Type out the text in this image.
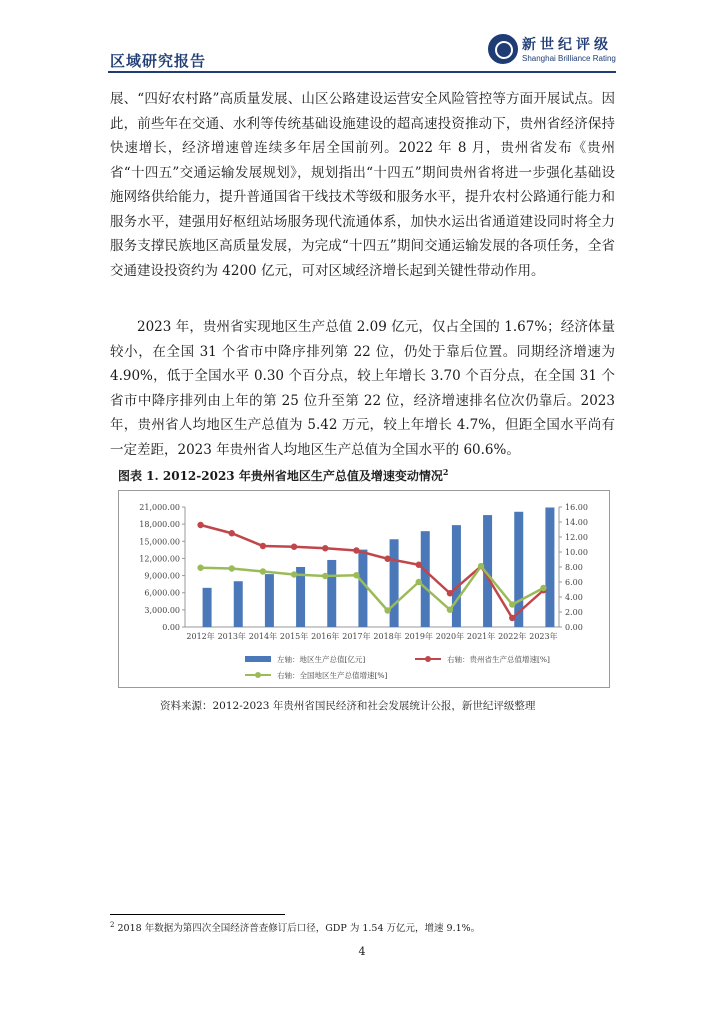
区域研究报告
新世纪评级
Shanghai Brilliance Rating

展、“四好农村路”高质量发展、山区公路建设运营安全风险管控等方面开展试点。因此，前些年在交通、水利等传统基础设施建设的超高速投资推动下，贵州省经济保持快速增长，经济增速曾连续多年居全国前列。2022 年 8 月，贵州省发布《贵州省“十四五”交通运输发展规划》，规划指出“十四五”期间贵州省将进一步强化基础设施网络供给能力，提升普通国省干线技术等级和服务水平，提升农村公路通行能力和服务水平，建强用好枢纽站场服务现代流通体系，加快水运出省通道建设同时将全力服务支撑民族地区高质量发展，为完成“十四五”期间交通运输发展的各项任务，全省交通建设投资约为 4200 亿元，可对区域经济增长起到关键性带动作用。

2023 年，贵州省实现地区生产总值 2.09 亿元，仅占全国的 1.67%；经济体量较小，在全国 31 个省市中降序排列第 22 位，仍处于靠后位置。同期经济增速为 4.90%，低于全国水平 0.30 个百分点，较上年增长 3.70 个百分点，在全国 31 个省市中降序排列由上年的第 25 位升至第 22 位，经济增速排名位次仍靠后。2023 年，贵州省人均地区生产总值为 5.42 万元，较上年增长 4.7%，但距全国水平尚有一定差距，2023 年贵州省人均地区生产总值为全国水平的 60.6%。

图表 1. 2012-2023 年贵州省地区生产总值及增速变动情况$^2$
0.00
3,000.00
6,000.00
9,000.00
12,000.00
15,000.00
18,000.00
21,000.00
0.00
2.00
4.00
6.00
8.00
10.00
12.00
14.00
16.00
2012年 2013年 2014年 2015年 2016年 2017年 2018年 2019年 2020年 2021年 2022年 2023年
左轴：地区生产总值[亿元]	右轴：贵州省生产总值增速[%]
右轴：全国地区生产总值增速[%]
资料来源：2012-2023 年贵州省国民经济和社会发展统计公报，新世纪评级整理
$^2$ 2018 年数据为第四次全国经济普查修订后口径，GDP 为 1.54 万亿元，增速 9.1%。
4
